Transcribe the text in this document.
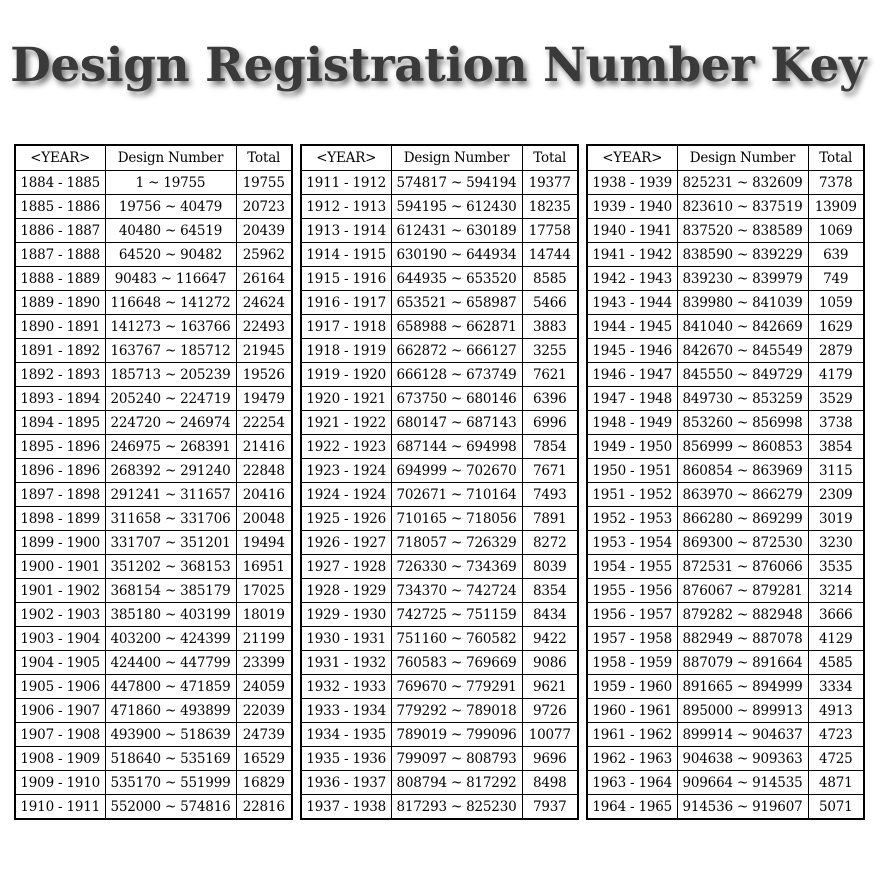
Design Registration Number Key
<YEAR>	Design Number	Total
1884 - 1885	1 ~ 19755	19755
1885 - 1886	19756 ~ 40479	20723
1886 - 1887	40480 ~ 64519	20439
1887 - 1888	64520 ~ 90482	25962
1888 - 1889	90483 ~ 116647	26164
1889 - 1890	116648 ~ 141272	24624
1890 - 1891	141273 ~ 163766	22493
1891 - 1892	163767 ~ 185712	21945
1892 - 1893	185713 ~ 205239	19526
1893 - 1894	205240 ~ 224719	19479
1894 - 1895	224720 ~ 246974	22254
1895 - 1896	246975 ~ 268391	21416
1896 - 1896	268392 ~ 291240	22848
1897 - 1898	291241 ~ 311657	20416
1898 - 1899	311658 ~ 331706	20048
1899 - 1900	331707 ~ 351201	19494
1900 - 1901	351202 ~ 368153	16951
1901 - 1902	368154 ~ 385179	17025
1902 - 1903	385180 ~ 403199	18019
1903 - 1904	403200 ~ 424399	21199
1904 - 1905	424400 ~ 447799	23399
1905 - 1906	447800 ~ 471859	24059
1906 - 1907	471860 ~ 493899	22039
1907 - 1908	493900 ~ 518639	24739
1908 - 1909	518640 ~ 535169	16529
1909 - 1910	535170 ~ 551999	16829
1910 - 1911	552000 ~ 574816	22816
<YEAR>	Design Number	Total
1911 - 1912	574817 ~ 594194	19377
1912 - 1913	594195 ~ 612430	18235
1913 - 1914	612431 ~ 630189	17758
1914 - 1915	630190 ~ 644934	14744
1915 - 1916	644935 ~ 653520	8585
1916 - 1917	653521 ~ 658987	5466
1917 - 1918	658988 ~ 662871	3883
1918 - 1919	662872 ~ 666127	3255
1919 - 1920	666128 ~ 673749	7621
1920 - 1921	673750 ~ 680146	6396
1921 - 1922	680147 ~ 687143	6996
1922 - 1923	687144 ~ 694998	7854
1923 - 1924	694999 ~ 702670	7671
1924 - 1924	702671 ~ 710164	7493
1925 - 1926	710165 ~ 718056	7891
1926 - 1927	718057 ~ 726329	8272
1927 - 1928	726330 ~ 734369	8039
1928 - 1929	734370 ~ 742724	8354
1929 - 1930	742725 ~ 751159	8434
1930 - 1931	751160 ~ 760582	9422
1931 - 1932	760583 ~ 769669	9086
1932 - 1933	769670 ~ 779291	9621
1933 - 1934	779292 ~ 789018	9726
1934 - 1935	789019 ~ 799096	10077
1935 - 1936	799097 ~ 808793	9696
1936 - 1937	808794 ~ 817292	8498
1937 - 1938	817293 ~ 825230	7937
<YEAR>	Design Number	Total
1938 - 1939	825231 ~ 832609	7378
1939 - 1940	823610 ~ 837519	13909
1940 - 1941	837520 ~ 838589	1069
1941 - 1942	838590 ~ 839229	639
1942 - 1943	839230 ~ 839979	749
1943 - 1944	839980 ~ 841039	1059
1944 - 1945	841040 ~ 842669	1629
1945 - 1946	842670 ~ 845549	2879
1946 - 1947	845550 ~ 849729	4179
1947 - 1948	849730 ~ 853259	3529
1948 - 1949	853260 ~ 856998	3738
1949 - 1950	856999 ~ 860853	3854
1950 - 1951	860854 ~ 863969	3115
1951 - 1952	863970 ~ 866279	2309
1952 - 1953	866280 ~ 869299	3019
1953 - 1954	869300 ~ 872530	3230
1954 - 1955	872531 ~ 876066	3535
1955 - 1956	876067 ~ 879281	3214
1956 - 1957	879282 ~ 882948	3666
1957 - 1958	882949 ~ 887078	4129
1958 - 1959	887079 ~ 891664	4585
1959 - 1960	891665 ~ 894999	3334
1960 - 1961	895000 ~ 899913	4913
1961 - 1962	899914 ~ 904637	4723
1962 - 1963	904638 ~ 909363	4725
1963 - 1964	909664 ~ 914535	4871
1964 - 1965	914536 ~ 919607	5071
